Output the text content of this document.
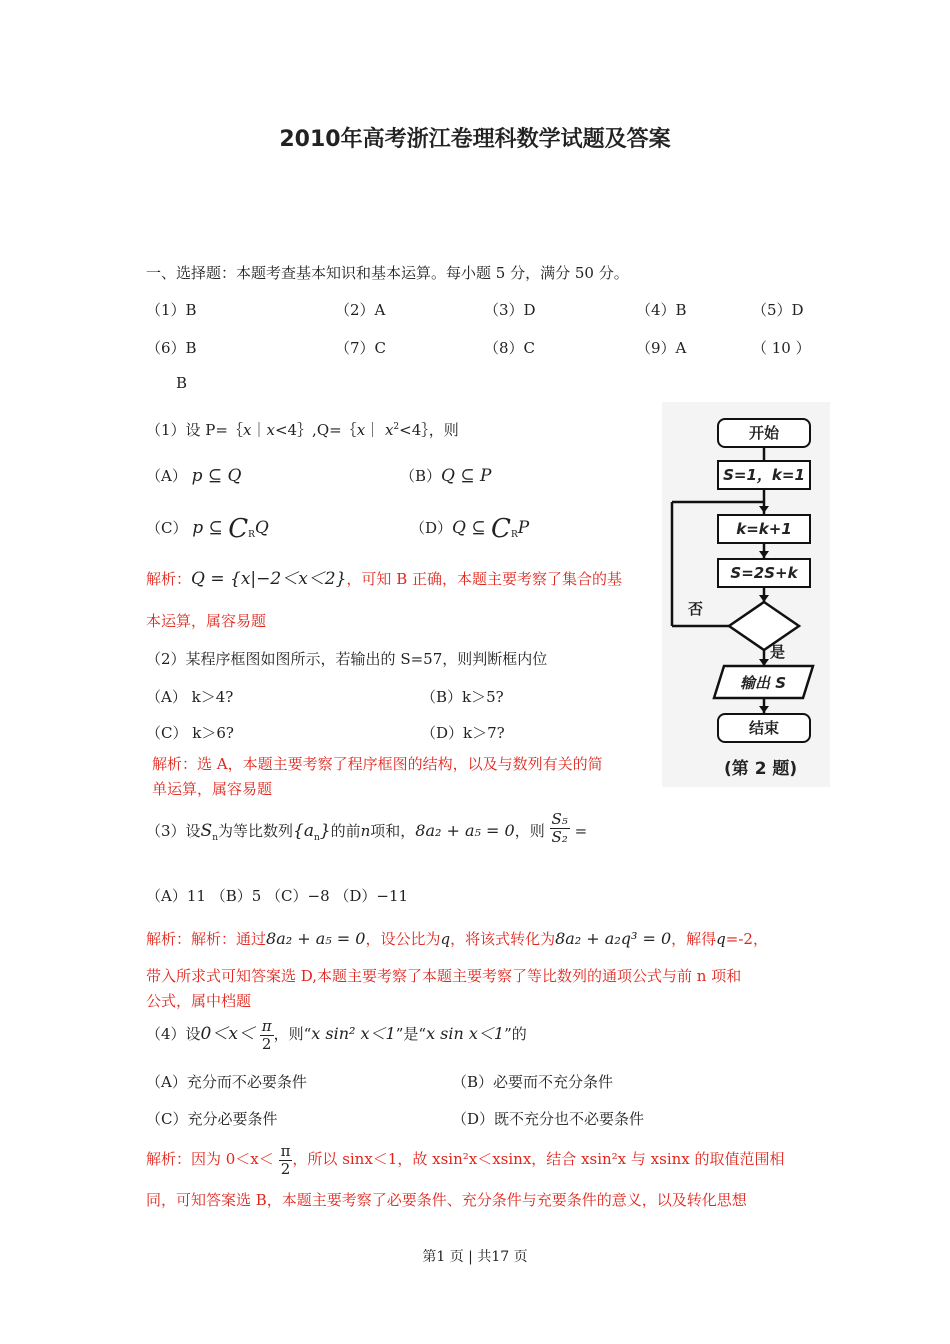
2010年高考浙江卷理科数学试题及答案
一、选择题：本题考查基本知识和基本运算。每小题 5 分，满分 50 分。
（1）B	（2）A	（3）D	（4）B	（5）D
（6）B	（7）C	（8）C	（9）A	（ 10 ）
B
（1）设 P=｛x｜x<4｝,Q=｛x｜ $x^2<4\}$，则
（A） p ⊆ Q	（B）Q ⊆ P
（C） p ⊆ $C_RQ$	（D）Q ⊆ $C_RP$
解析：Q = {x|−2＜x＜2}，可知 B 正确，本题主要考察了集合的基
本运算，属容易题
（2）某程序框图如图所示，若输出的 S=57，则判断框内位
（A） k＞4?	（B）k＞5?
（C） k＞6?	（D）k＞7?
解析：选 A，本题主要考察了程序框图的结构，以及与数列有关的简
单运算，属容易题
开始
S=1，k=1
k=k+1
S=2S+k
否
是
输出 S
结束
(第 2 题)
（3）设$S_n$为等比数列$\{a_n\}$的前n项和，8a₂ + a₅ = 0，则 $\frac{\text{S₅}}{\text{S₂}}$ =
（A）11 （B）5 （C）−8 （D）−11
解析：解析：通过8a₂ + a₅ = 0，设公比为q，将该式转化为8a₂ + a₂q³ = 0，解得q=-2，
带入所求式可知答案选 D,本题主要考察了本题主要考察了等比数列的通项公式与前 n 项和
公式，属中档题
（4）设$0<x< \frac{\pi}{2}$ ，则“x sin² x＜1”是“x sin x＜1”的
（A）充分而不必要条件	（B）必要而不充分条件
（C）充分必要条件	（D）既不充分也不必要条件
解析：因为 $0<x< \frac{\pi}{2}$ ，所以 sinx＜1，故 xsin²x＜xsinx，结合 xsin²x 与 xsinx 的取值范围相
同，可知答案选 B，本题主要考察了必要条件、充分条件与充要条件的意义，以及转化思想
第1 页 | 共17 页
